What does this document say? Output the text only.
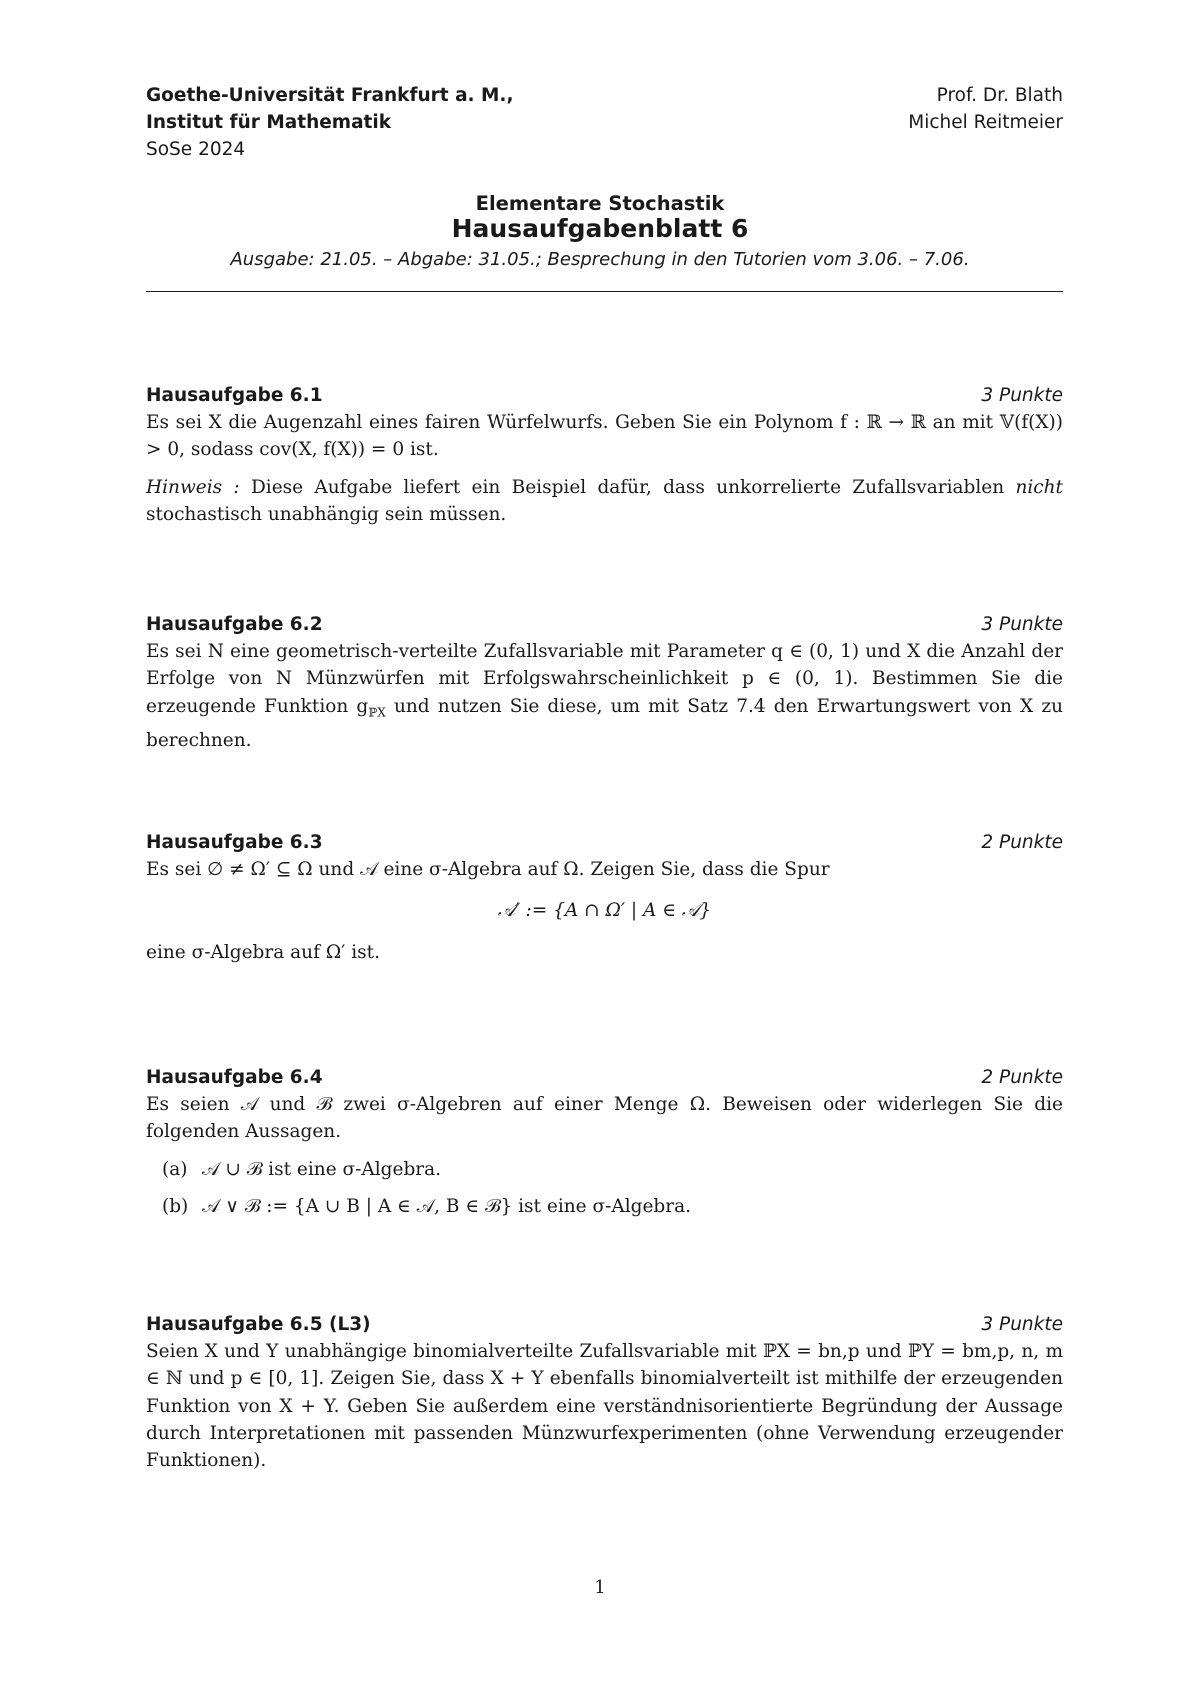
Goethe-Universität Frankfurt a. M.,
Institut für Mathematik
SoSe 2024
Prof. Dr. Blath
Michel Reitmeier
Elementare Stochastik
Hausaufgabenblatt 6
Ausgabe: 21.05. – Abgabe: 31.05.; Besprechung in den Tutorien vom 3.06. – 7.06.
Hausaufgabe 6.1	3 Punkte

Es sei X die Augenzahl eines fairen Würfelwurfs. Geben Sie ein Polynom f : ℝ → ℝ an mit 𝕍(f(X)) > 0, sodass cov(X, f(X)) = 0 ist.

Hinweis : Diese Aufgabe liefert ein Beispiel dafür, dass unkorrelierte Zufallsvariablen nicht stochastisch unabhängig sein müssen.

Hausaufgabe 6.2	3 Punkte

Es sei N eine geometrisch-verteilte Zufallsvariable mit Parameter q ∈ (0, 1) und X die Anzahl der Erfolge von N Münzwürfen mit Erfolgswahrscheinlichkeit p ∈ (0, 1). Bestimmen Sie die erzeugende Funktion $g_{ℙX}$ und nutzen Sie diese, um mit Satz 7.4 den Erwartungswert von X zu berechnen.

Hausaufgabe 6.3	2 Punkte

Es sei ∅ ≠ Ω′ ⊆ Ω und 𝒜 eine σ-Algebra auf Ω. Zeigen Sie, dass die Spur

𝒜′ := {A ∩ Ω′ | A ∈ 𝒜}

eine σ-Algebra auf Ω′ ist.

Hausaufgabe 6.4	2 Punkte

Es seien 𝒜 und ℬ zwei σ-Algebren auf einer Menge Ω. Beweisen oder widerlegen Sie die folgenden Aussagen.

(a) 𝒜 ∪ ℬ ist eine σ-Algebra.
(b) 𝒜 ∨ ℬ := {A ∪ B | A ∈ 𝒜, B ∈ ℬ} ist eine σ-Algebra.
Hausaufgabe 6.5 (L3)	3 Punkte

Seien X und Y unabhängige binomialverteilte Zufallsvariable mit ℙX = bn,p und ℙY = bm,p, n, m ∈ ℕ und p ∈ [0, 1]. Zeigen Sie, dass X + Y ebenfalls binomialverteilt ist mithilfe der erzeugenden Funktion von X + Y. Geben Sie außerdem eine verständnisorientierte Begründung der Aussage durch Interpretationen mit passenden Münzwurfexperimenten (ohne Verwendung erzeugender Funktionen).

1
